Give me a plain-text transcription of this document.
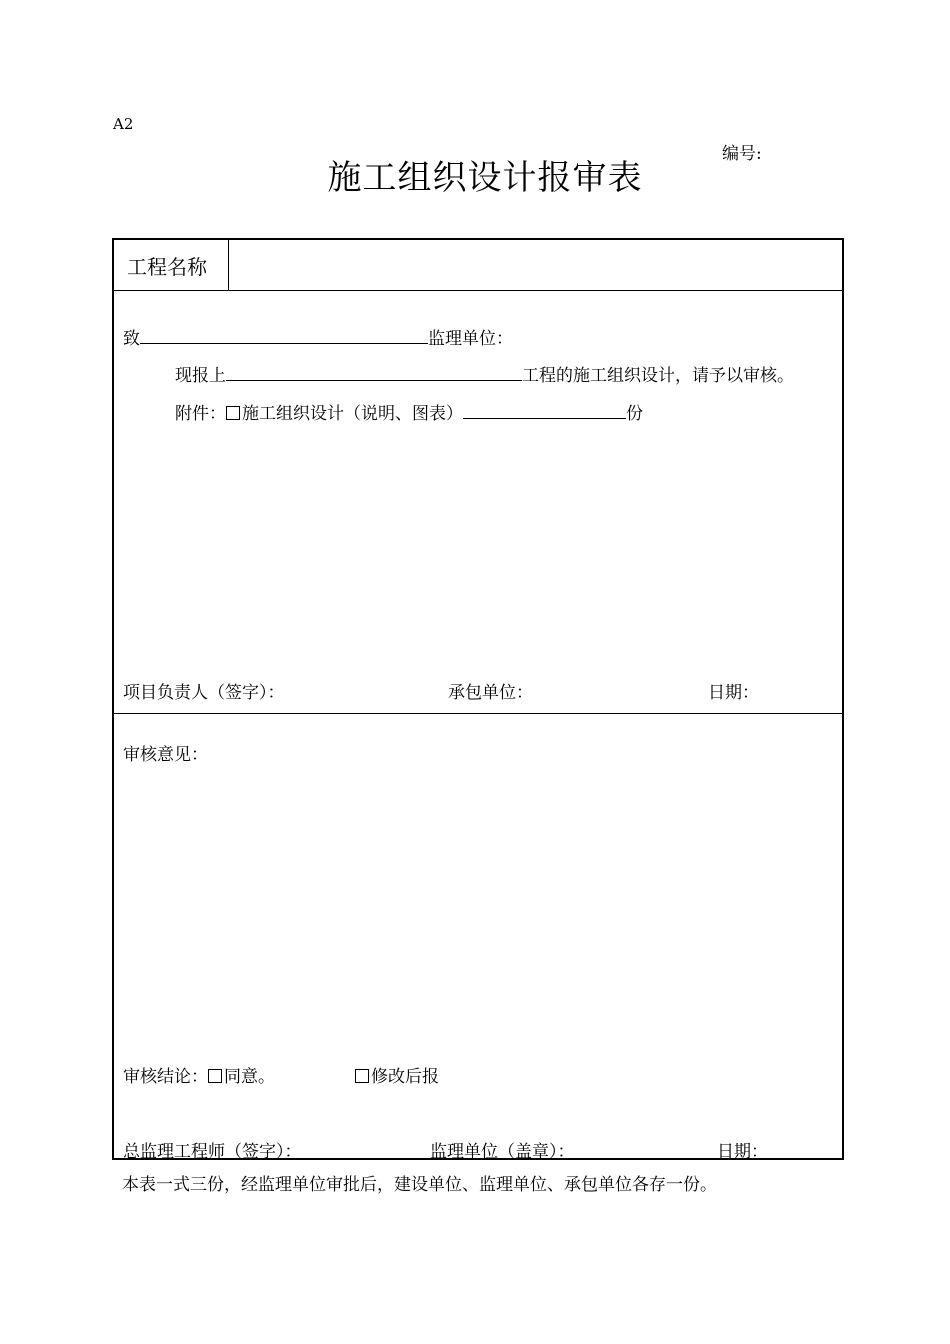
A2
编号:
施工组织设计报审表
工程名称
致	监理单位：
现报上	工程的施工组织设计，请予以审核。
附件： 施工组织设计（说明、图表）	份
项目负责人（签字）：	承包单位：	日期：
审核意见：
审核结论： 同意。	修改后报
总监理工程师（签字）：	监理单位（盖章）：	日期：
本表一式三份，经监理单位审批后，建设单位、监理单位、承包单位各存一份。
